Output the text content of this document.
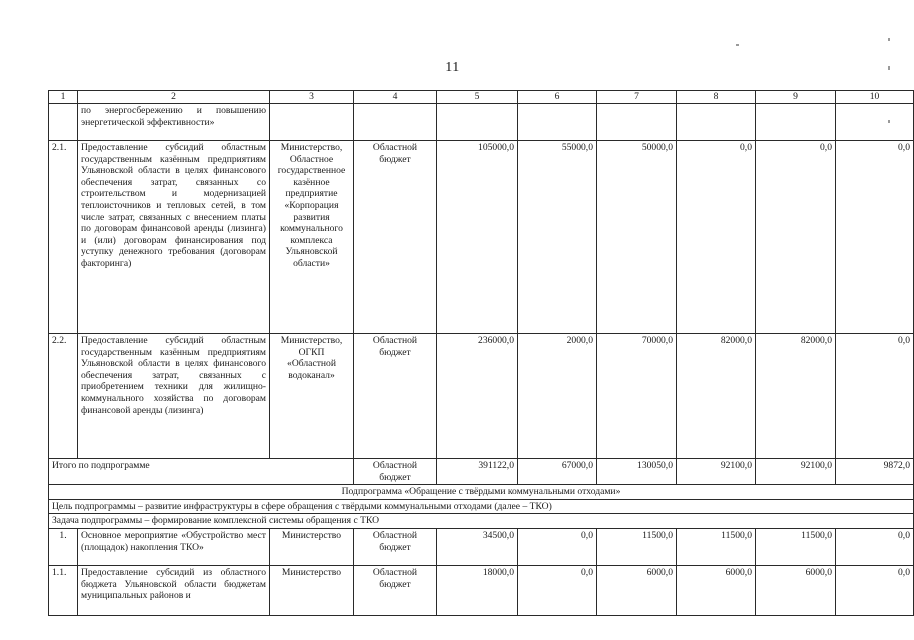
11
1	2	3	4	5	6	7	8	9	10
	по энергосбережению и повышению энергетической эффективности»								
2.1.	Предоставление субсидий областным государственным казённым предприятиям Ульяновской области в целях финансового обеспечения затрат, связанных со строительством и модернизацией теплоисточников и тепловых сетей, в том числе затрат, связанных с внесением платы по договорам финансовой аренды (лизинга) и (или) договорам финансирования под уступку денежного требования (договорам факторинга)	Министерство, Областное государственное казённое предприятие «Корпорация развития коммунального комплекса Ульяновской области»	Областной бюджет	105000,0	55000,0	50000,0	0,0	0,0	0,0
2.2.	Предоставление субсидий областным государственным казённым предприятиям Ульяновской области в целях финансового обеспечения затрат, связанных с приобретением техники для жилищно-коммунального хозяйства по договорам финансовой аренды (лизинга)	Министерство, ОГКП «Областной водоканал»	Областной бюджет	236000,0	2000,0	70000,0	82000,0	82000,0	0,0
Итого по подпрограмме			Областной бюджет	391122,0	67000,0	130050,0	92100,0	92100,0	9872,0
Подпрограмма «Обращение с твёрдыми коммунальными отходами»									
Цель подпрограммы – развитие инфраструктуры в сфере обращения с твёрдыми коммунальными отходами (далее – ТКО)									
Задача подпрограммы – формирование комплексной системы обращения с ТКО									
1.	Основное мероприятие «Обустройство мест (площадок) накопления ТКО»	Министерство	Областной бюджет	34500,0	0,0	11500,0	11500,0	11500,0	0,0
1.1.	Предоставление субсидий из областного бюджета Ульяновской области бюджетам муниципальных районов и	Министерство	Областной бюджет	18000,0	0,0	6000,0	6000,0	6000,0	0,0
